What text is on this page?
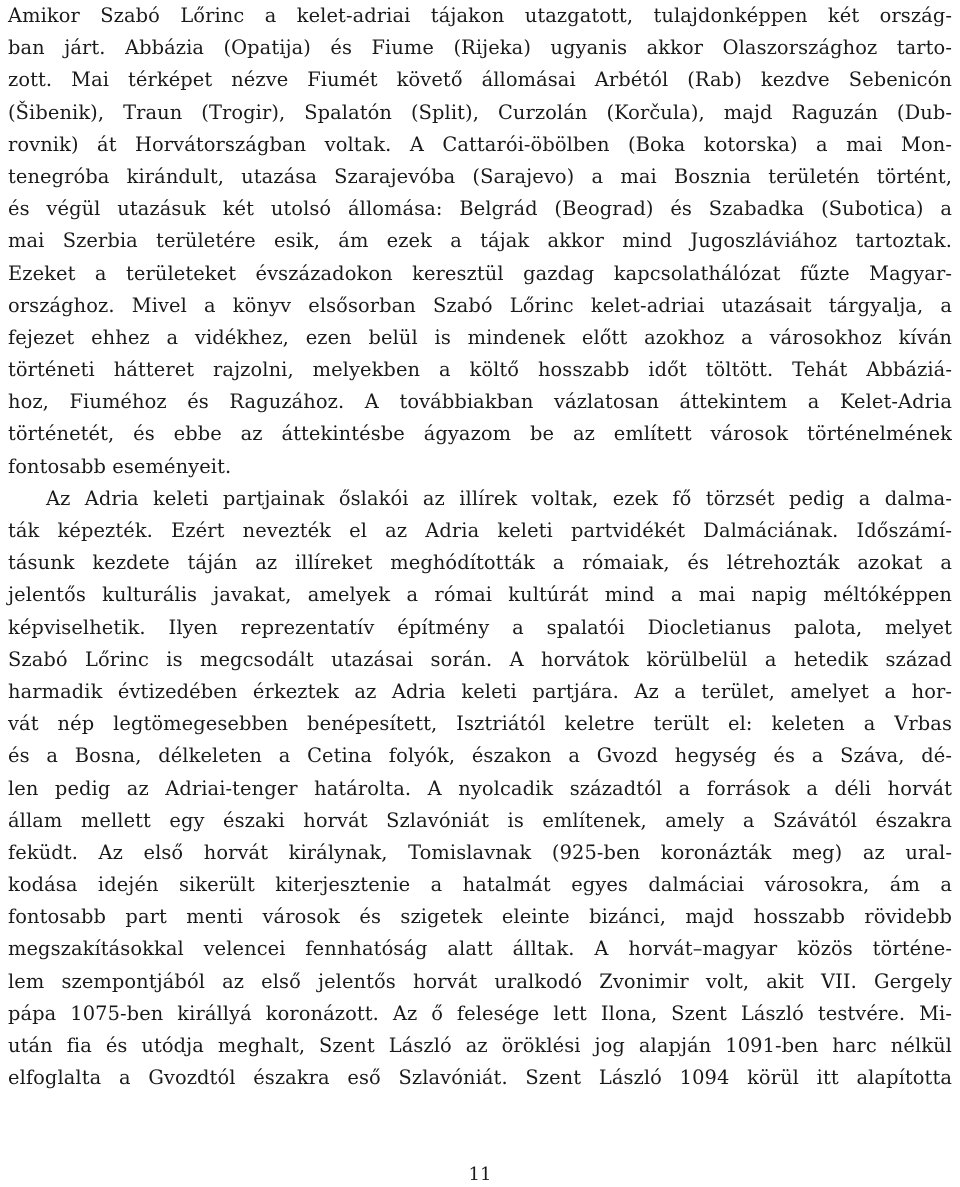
Amikor Szabó Lőrinc a kelet-adriai tájakon utazgatott, tulajdonképpen két ország-
ban járt. Abbázia (Opatija) és Fiume (Rijeka) ugyanis akkor Olaszországhoz tarto-
zott. Mai térképet nézve Fiumét követő állomásai Arbétól (Rab) kezdve Sebenicón
(Šibenik), Traun (Trogir), Spalatón (Split), Curzolán (Korčula), majd Raguzán (Dub-
rovnik) át Horvátországban voltak. A Cattarói-öbölben (Boka kotorska) a mai Mon-
tenegróba kirándult, utazása Szarajevóba (Sarajevo) a mai Bosznia területén történt,
és végül utazásuk két utolsó állomása: Belgrád (Beograd) és Szabadka (Subotica) a
mai Szerbia területére esik, ám ezek a tájak akkor mind Jugoszláviához tartoztak.
Ezeket a területeket évszázadokon keresztül gazdag kapcsolathálózat fűzte Magyar-
országhoz. Mivel a könyv elsősorban Szabó Lőrinc kelet-adriai utazásait tárgyalja, a
fejezet ehhez a vidékhez, ezen belül is mindenek előtt azokhoz a városokhoz kíván
történeti hátteret rajzolni, melyekben a költő hosszabb időt töltött. Tehát Abbáziá-
hoz, Fiuméhoz és Raguzához. A továbbiakban vázlatosan áttekintem a Kelet-Adria
történetét, és ebbe az áttekintésbe ágyazom be az említett városok történelmének
fontosabb eseményeit.
Az Adria keleti partjainak őslakói az illírek voltak, ezek fő törzsét pedig a dalma-
ták képezték. Ezért nevezték el az Adria keleti partvidékét Dalmáciának. Időszámí-
tásunk kezdete táján az illíreket meghódították a rómaiak, és létrehozták azokat a
jelentős kulturális javakat, amelyek a római kultúrát mind a mai napig méltóképpen
képviselhetik. Ilyen reprezentatív építmény a spalatói Diocletianus palota, melyet
Szabó Lőrinc is megcsodált utazásai során. A horvátok körülbelül a hetedik század
harmadik évtizedében érkeztek az Adria keleti partjára. Az a terület, amelyet a hor-
vát nép legtömegesebben benépesített, Isztriától keletre terült el: keleten a Vrbas
és a Bosna, délkeleten a Cetina folyók, északon a Gvozd hegység és a Száva, dé-
len pedig az Adriai-tenger határolta. A nyolcadik századtól a források a déli horvát
állam mellett egy északi horvát Szlavóniát is említenek, amely a Szávától északra
feküdt. Az első horvát királynak, Tomislavnak (925-ben koronázták meg) az ural-
kodása idején sikerült kiterjesztenie a hatalmát egyes dalmáciai városokra, ám a
fontosabb part menti városok és szigetek eleinte bizánci, majd hosszabb rövidebb
megszakításokkal velencei fennhatóság alatt álltak. A horvát–magyar közös történe-
lem szempontjából az első jelentős horvát uralkodó Zvonimir volt, akit VII. Gergely
pápa 1075-ben királlyá koronázott. Az ő felesége lett Ilona, Szent László testvére. Mi-
után fia és utódja meghalt, Szent László az öröklési jog alapján 1091-ben harc nélkül
elfoglalta a Gvozdtól északra eső Szlavóniát. Szent László 1094 körül itt alapította
11
